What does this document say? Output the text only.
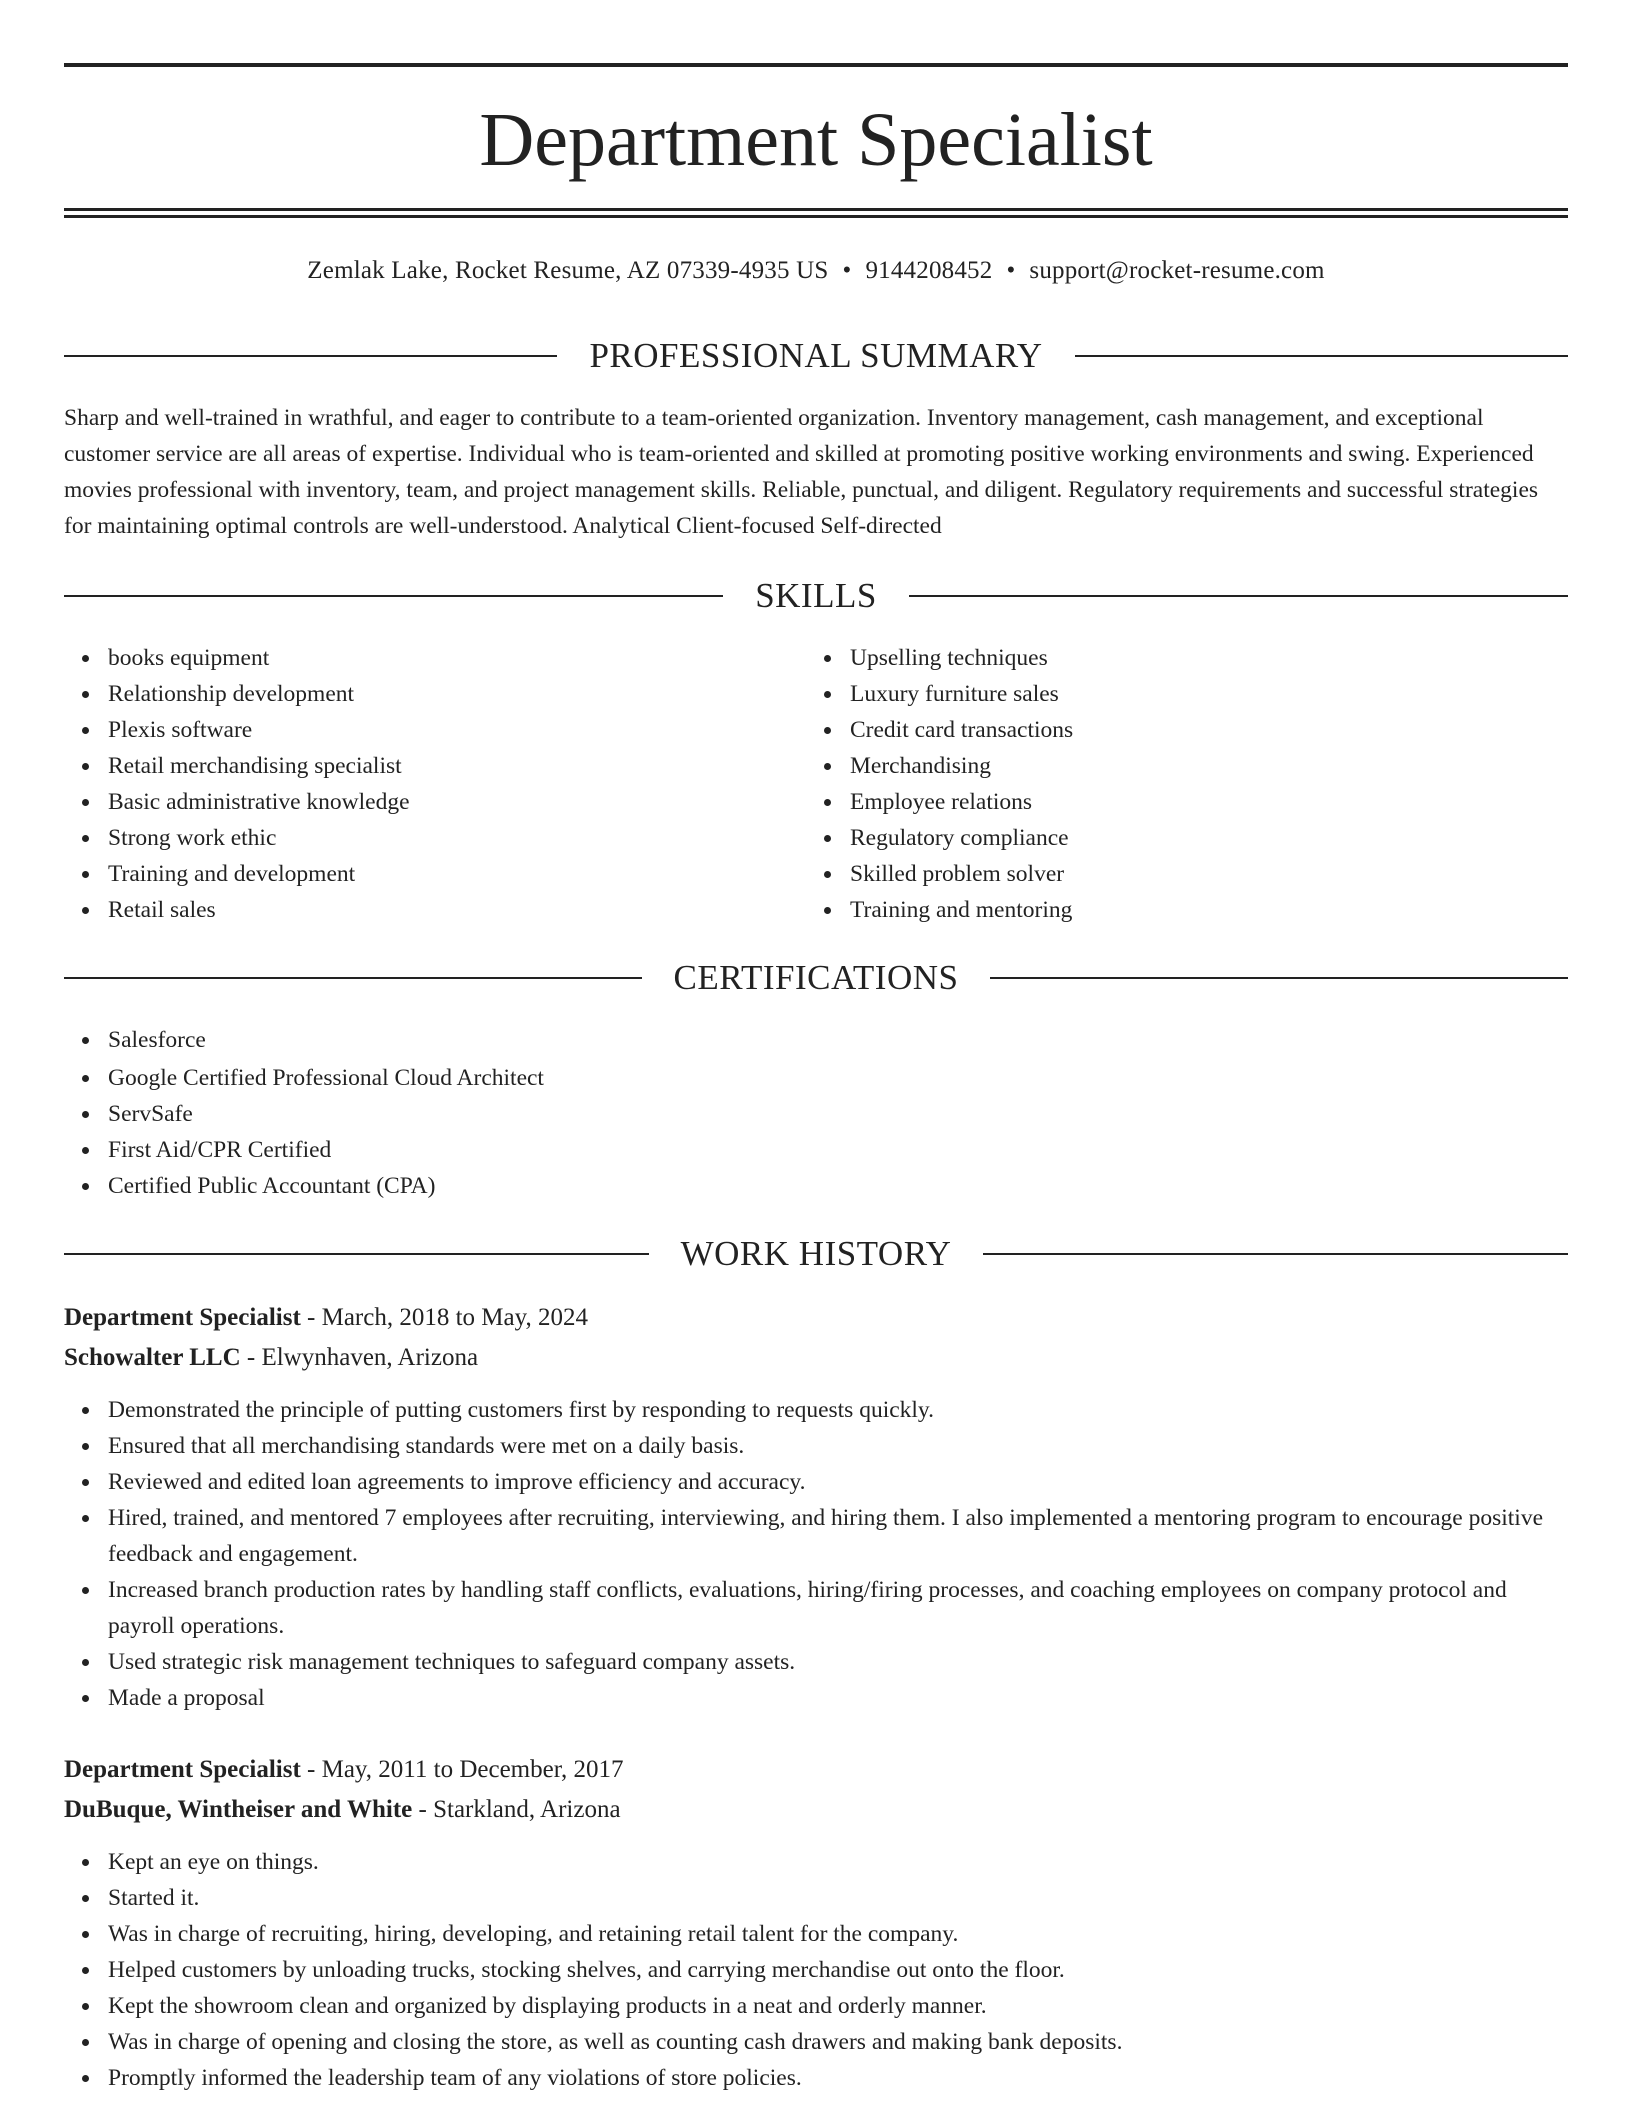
Department Specialist
Zemlak Lake, Rocket Resume, AZ 07339-4935 US • 9144208452 • support@rocket-resume.com
PROFESSIONAL SUMMARY

Sharp and well-trained in wrathful, and eager to contribute to a team-oriented organization. Inventory management, cash management, and exceptional customer service are all areas of expertise. Individual who is team-oriented and skilled at promoting positive working environments and swing. Experienced movies professional with inventory, team, and project management skills. Reliable, punctual, and diligent. Regulatory requirements and successful strategies for maintaining optimal controls are well-understood. Analytical Client-focused Self-directed

SKILLS
books equipment
Relationship development
Plexis software
Retail merchandising specialist
Basic administrative knowledge
Strong work ethic
Training and development
Retail sales
Upselling techniques
Luxury furniture sales
Credit card transactions
Merchandising
Employee relations
Regulatory compliance
Skilled problem solver
Training and mentoring
CERTIFICATIONS
Salesforce
Google Certified Professional Cloud Architect
ServSafe
First Aid/CPR Certified
Certified Public Accountant (CPA)
WORK HISTORY
Department Specialist - March, 2018 to May, 2024
Schowalter LLC - Elwynhaven, Arizona
Demonstrated the principle of putting customers first by responding to requests quickly.
Ensured that all merchandising standards were met on a daily basis.
Reviewed and edited loan agreements to improve efficiency and accuracy.
Hired, trained, and mentored 7 employees after recruiting, interviewing, and hiring them. I also implemented a mentoring program to encourage positive feedback and engagement.
Increased branch production rates by handling staff conflicts, evaluations, hiring/firing processes, and coaching employees on company protocol and payroll operations.
Used strategic risk management techniques to safeguard company assets.
Made a proposal
Department Specialist - May, 2011 to December, 2017
DuBuque, Wintheiser and White - Starkland, Arizona
Kept an eye on things.
Started it.
Was in charge of recruiting, hiring, developing, and retaining retail talent for the company.
Helped customers by unloading trucks, stocking shelves, and carrying merchandise out onto the floor.
Kept the showroom clean and organized by displaying products in a neat and orderly manner.
Was in charge of opening and closing the store, as well as counting cash drawers and making bank deposits.
Promptly informed the leadership team of any violations of store policies.
